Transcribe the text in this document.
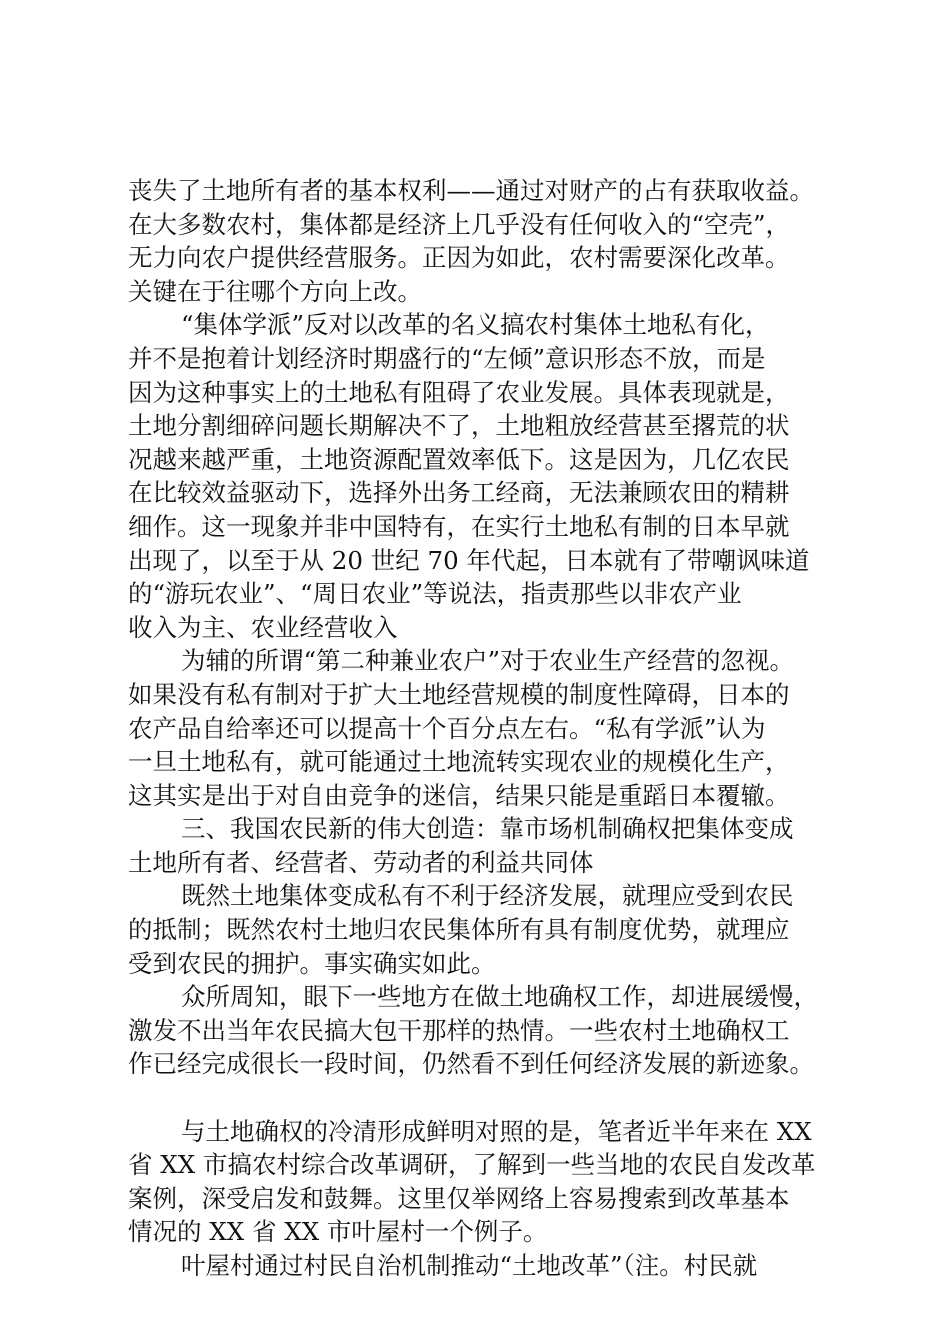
丧失了土地所有者的基本权利——通过对财产的占有获取收益。
在大多数农村，集体都是经济上几乎没有任何收入的“空壳”，
无力向农户提供经营服务。正因为如此，农村需要深化改革。
关键在于往哪个方向上改。
“集体学派”反对以改革的名义搞农村集体土地私有化，
并不是抱着计划经济时期盛行的“左倾”意识形态不放，而是
因为这种事实上的土地私有阻碍了农业发展。具体表现就是，
土地分割细碎问题长期解决不了，土地粗放经营甚至撂荒的状
况越来越严重，土地资源配置效率低下。这是因为，几亿农民
在比较效益驱动下，选择外出务工经商，无法兼顾农田的精耕
细作。这一现象并非中国特有，在实行土地私有制的日本早就
出现了，以至于从 20 世纪 70 年代起，日本就有了带嘲讽味道
的“游玩农业”、“周日农业”等说法，指责那些以非农产业
收入为主、农业经营收入
为辅的所谓“第二种兼业农户”对于农业生产经营的忽视。
如果没有私有制对于扩大土地经营规模的制度性障碍，日本的
农产品自给率还可以提高十个百分点左右。“私有学派”认为
一旦土地私有，就可能通过土地流转实现农业的规模化生产，
这其实是出于对自由竞争的迷信，结果只能是重蹈日本覆辙。
三、我国农民新的伟大创造：靠市场机制确权把集体变成
土地所有者、经营者、劳动者的利益共同体
既然土地集体变成私有不利于经济发展，就理应受到农民
的抵制；既然农村土地归农民集体所有具有制度优势，就理应
受到农民的拥护。事实确实如此。
众所周知，眼下一些地方在做土地确权工作，却进展缓慢，
激发不出当年农民搞大包干那样的热情。一些农村土地确权工
作已经完成很长一段时间，仍然看不到任何经济发展的新迹象。
与土地确权的冷清形成鲜明对照的是，笔者近半年来在 XX
省 XX 市搞农村综合改革调研，了解到一些当地的农民自发改革
案例，深受启发和鼓舞。这里仅举网络上容易搜索到改革基本
情况的 XX 省 XX 市叶屋村一个例子。
叶屋村通过村民自治机制推动“土地改革”（注。村民就
